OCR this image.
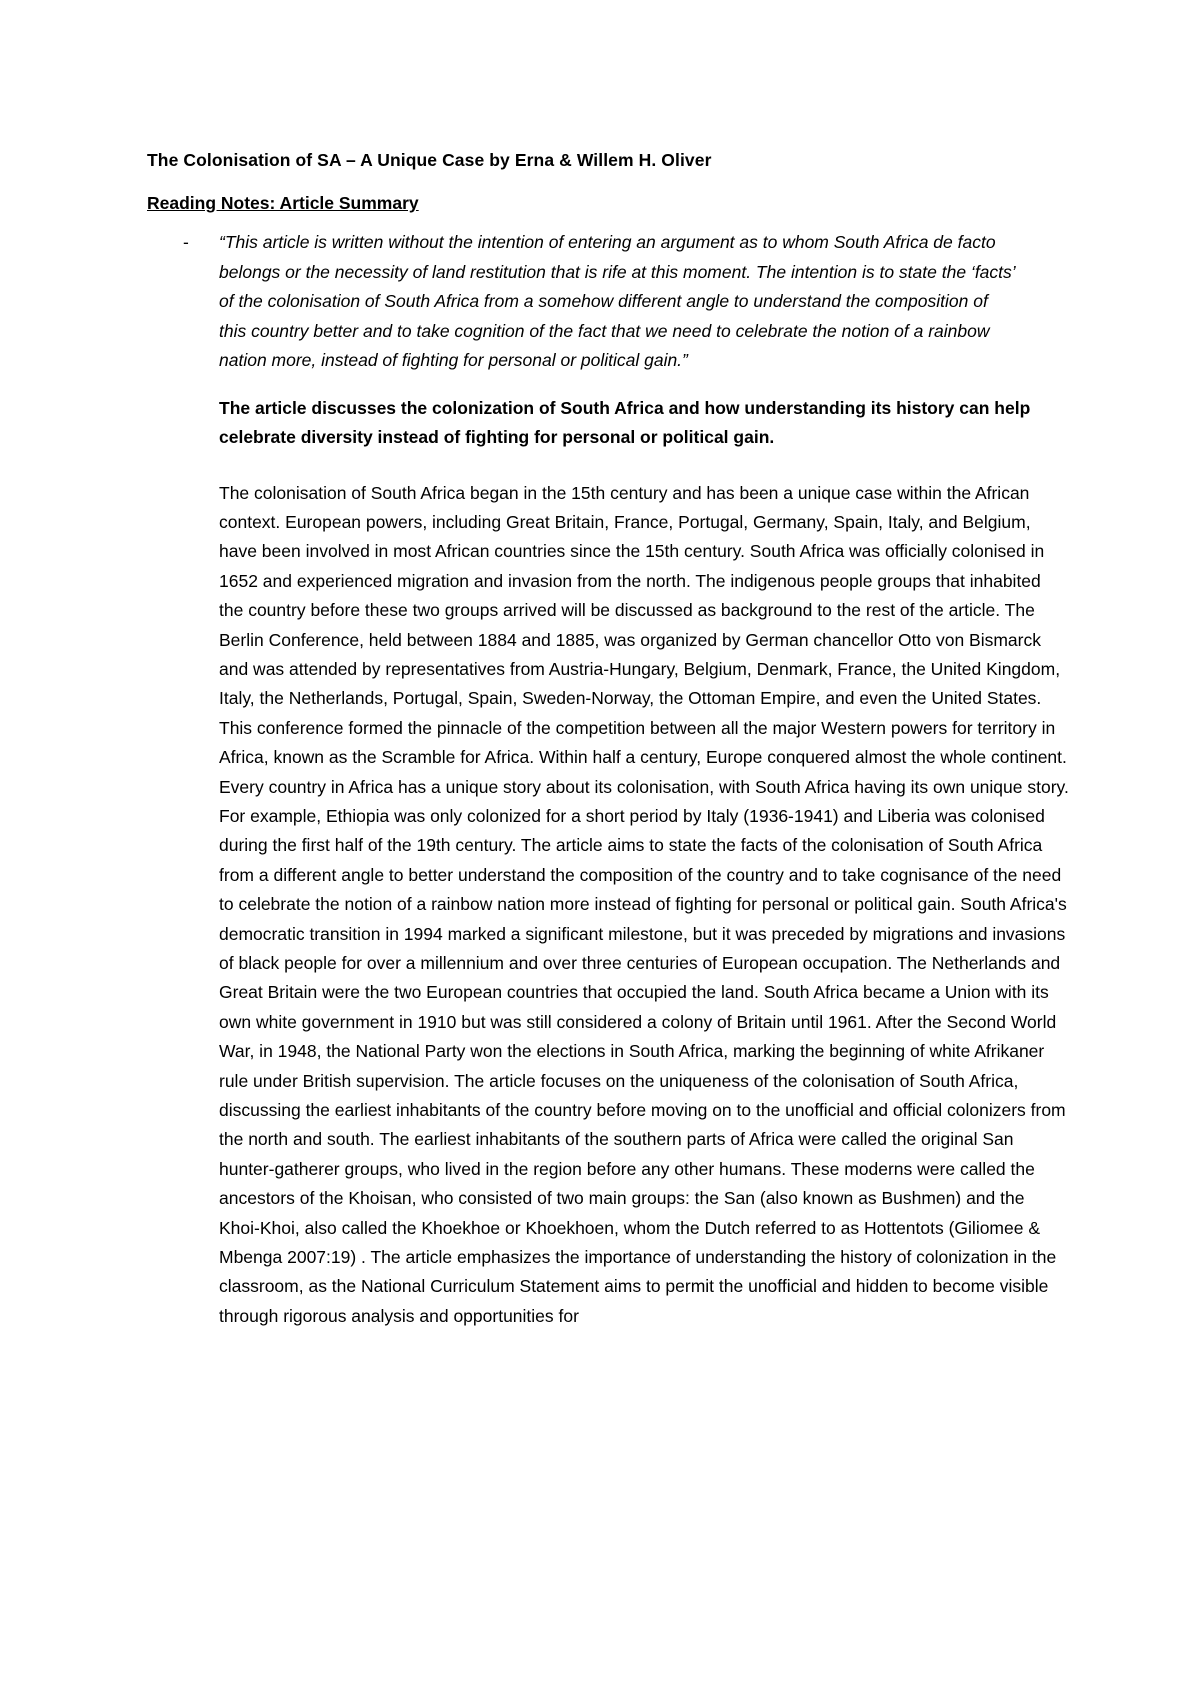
The Colonisation of SA – A Unique Case by Erna & Willem H. Oliver

Reading Notes: Article Summary

- “This article is written without the intention of entering an argument as to whom South Africa de facto belongs or the necessity of land restitution that is rife at this moment. The intention is to state the ‘facts’ of the colonisation of South Africa from a somehow different angle to understand the composition of this country better and to take cognition of the fact that we need to celebrate the notion of a rainbow nation more, instead of fighting for personal or political gain.”

The article discusses the colonization of South Africa and how understanding its history can help celebrate diversity instead of fighting for personal or political gain.

The colonisation of South Africa began in the 15th century and has been a unique case within the African context. European powers, including Great Britain, France, Portugal, Germany, Spain, Italy, and Belgium, have been involved in most African countries since the 15th century. South Africa was officially colonised in 1652 and experienced migration and invasion from the north. The indigenous people groups that inhabited the country before these two groups arrived will be discussed as background to the rest of the article. The Berlin Conference, held between 1884 and 1885, was organized by German chancellor Otto von Bismarck and was attended by representatives from Austria-Hungary, Belgium, Denmark, France, the United Kingdom, Italy, the Netherlands, Portugal, Spain, Sweden-Norway, the Ottoman Empire, and even the United States. This conference formed the pinnacle of the competition between all the major Western powers for territory in Africa, known as the Scramble for Africa. Within half a century, Europe conquered almost the whole continent. Every country in Africa has a unique story about its colonisation, with South Africa having its own unique story. For example, Ethiopia was only colonized for a short period by Italy (1936-1941) and Liberia was colonised during the first half of the 19th century. The article aims to state the facts of the colonisation of South Africa from a different angle to better understand the composition of the country and to take cognisance of the need to celebrate the notion of a rainbow nation more instead of fighting for personal or political gain. South Africa's democratic transition in 1994 marked a significant milestone, but it was preceded by migrations and invasions of black people for over a millennium and over three centuries of European occupation. The Netherlands and Great Britain were the two European countries that occupied the land. South Africa became a Union with its own white government in 1910 but was still considered a colony of Britain until 1961. After the Second World War, in 1948, the National Party won the elections in South Africa, marking the beginning of white Afrikaner rule under British supervision. The article focuses on the uniqueness of the colonisation of South Africa, discussing the earliest inhabitants of the country before moving on to the unofficial and official colonizers from the north and south. The earliest inhabitants of the southern parts of Africa were called the original San hunter-gatherer groups, who lived in the region before any other humans. These moderns were called the ancestors of the Khoisan, who consisted of two main groups: the San (also known as Bushmen) and the Khoi-Khoi, also called the Khoekhoe or Khoekhoen, whom the Dutch referred to as Hottentots (Giliomee & Mbenga 2007:19) . The article emphasizes the importance of understanding the history of colonization in the classroom, as the National Curriculum Statement aims to permit the unofficial and hidden to become visible through rigorous analysis and opportunities for
